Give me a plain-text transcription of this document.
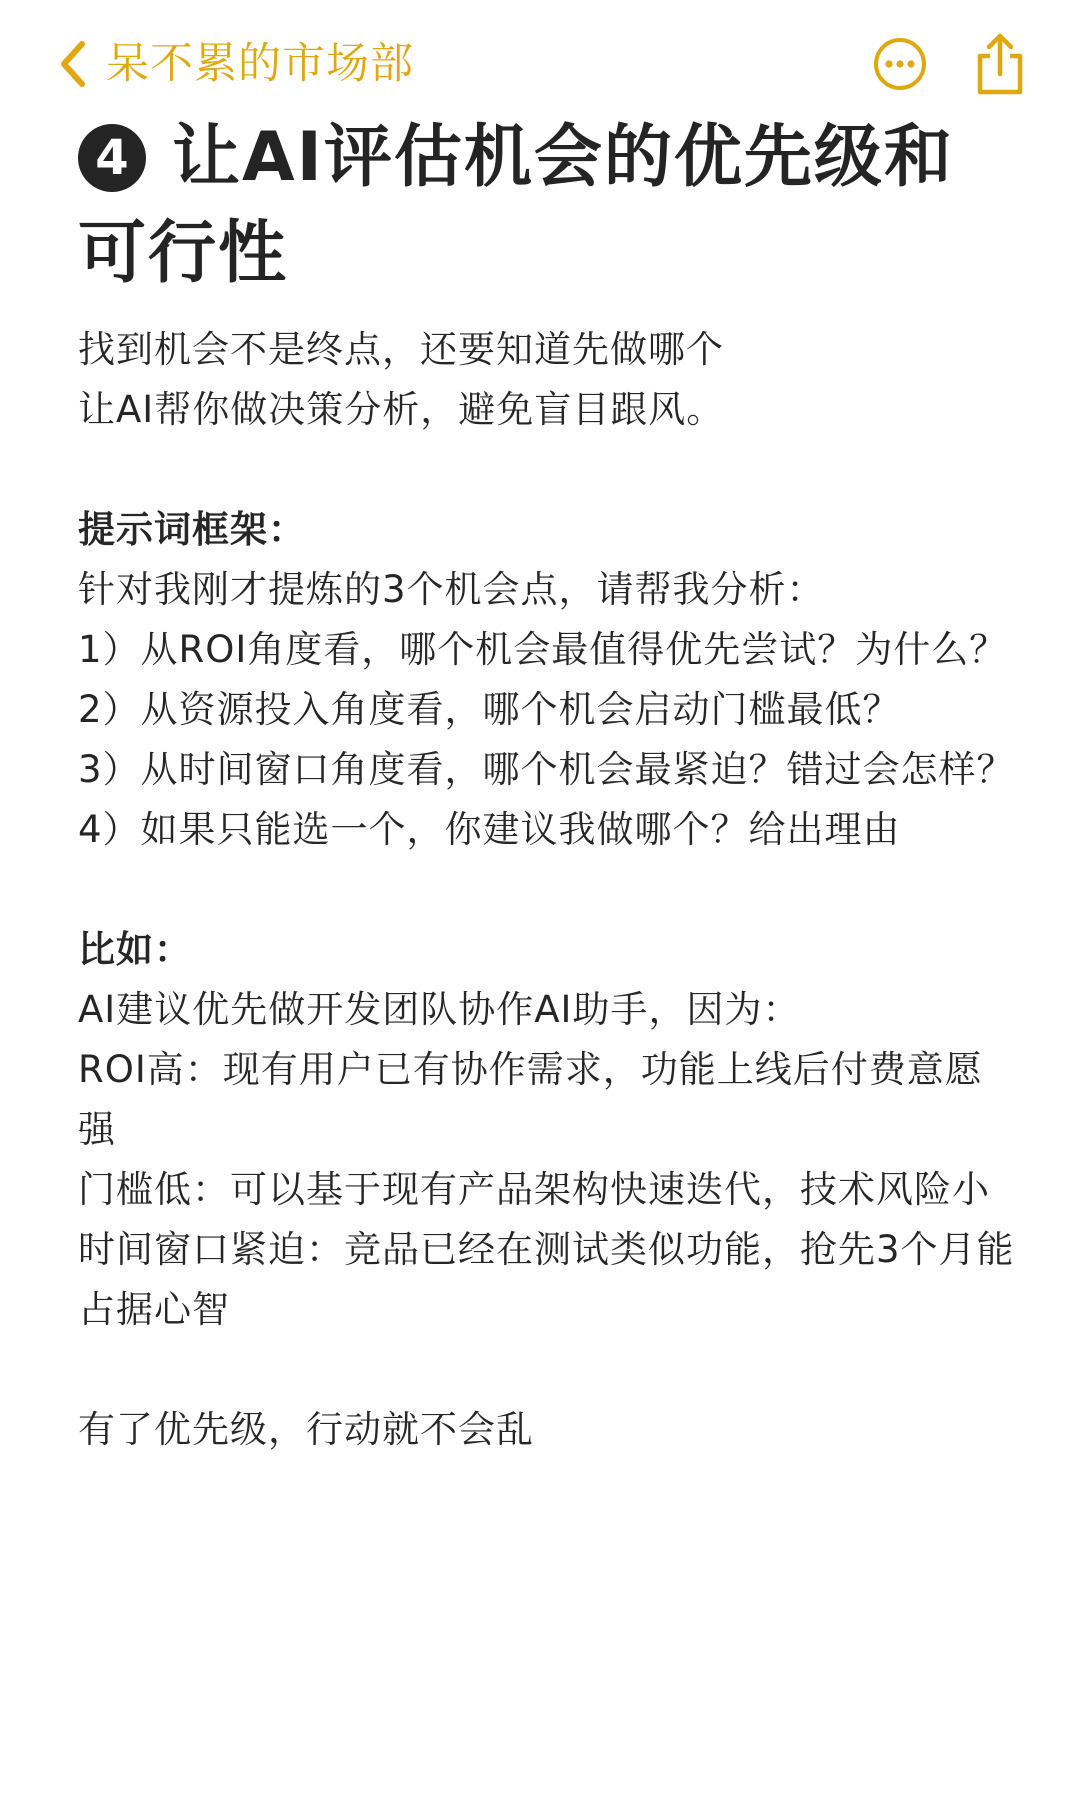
呆不累的市场部
4 让AI评估机会的优先级和
可行性
找到机会不是终点，还要知道先做哪个
让AI帮你做决策分析，避免盲目跟风。
提示词框架：
针对我刚才提炼的3个机会点，请帮我分析：
1）从ROI角度看，哪个机会最值得优先尝试？为什么？
2）从资源投入角度看，哪个机会启动门槛最低？
3）从时间窗口角度看，哪个机会最紧迫？错过会怎样？
4）如果只能选一个，你建议我做哪个？给出理由
比如：
AI建议优先做开发团队协作AI助手，因为：
ROI高：现有用户已有协作需求，功能上线后付费意愿强
门槛低：可以基于现有产品架构快速迭代，技术风险小
时间窗口紧迫：竞品已经在测试类似功能，抢先3个月能占据心智
有了优先级，行动就不会乱
